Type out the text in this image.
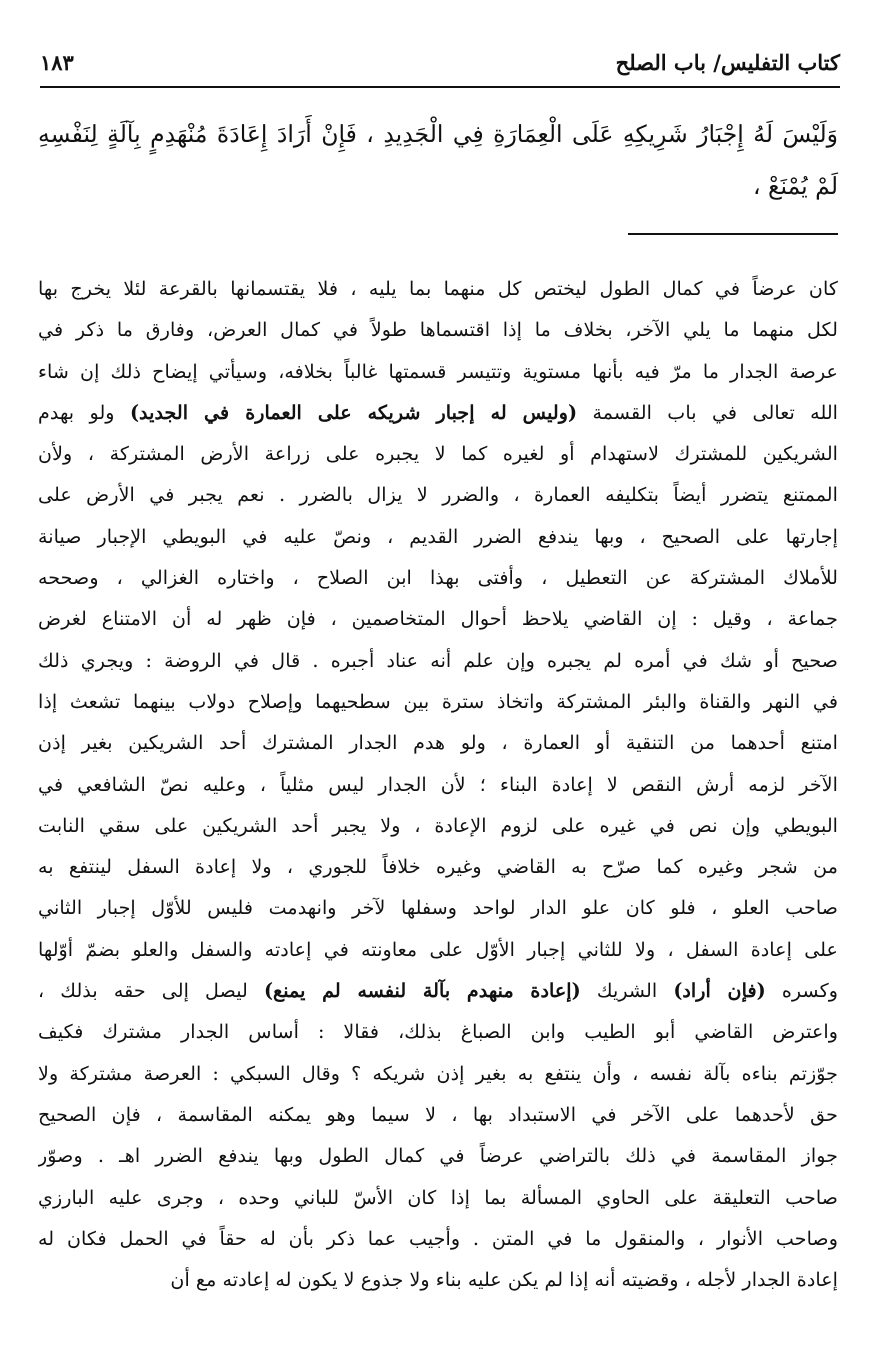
كتاب التفليس/ باب الصلح
١٨٣
وَلَيْسَ لَهُ إِجْبَارُ شَرِيكِهِ عَلَى الْعِمَارَةِ فِي الْجَدِيدِ ، فَإِنْ أَرَادَ إِعَادَةَ مُنْهَدِمٍ بِآلَةٍ لِنَفْسِهِ لَمْ يُمْنَعْ ،
كان عرضاً في كمال الطول ليختص كل منهما بما يليه ، فلا يقتسمانها بالقرعة لئلا يخرج بها
لكل منهما ما يلي الآخر، بخلاف ما إذا اقتسماها طولاً في كمال العرض، وفارق ما ذكر في
عرصة الجدار ما مرّ فيه بأنها مستوية وتتيسر قسمتها غالباً بخلافه، وسيأتي إيضاح ذلك إن شاء
الله تعالى في باب القسمة (وليس له إجبار شريكه على العمارة في الجديد) ولو بهدم
الشريكين للمشترك لاستهدام أو لغيره كما لا يجبره على زراعة الأرض المشتركة ، ولأن
الممتنع يتضرر أيضاً بتكليفه العمارة ، والضرر لا يزال بالضرر . نعم يجبر في الأرض على
إجارتها على الصحيح ، وبها يندفع الضرر القديم ، ونصّ عليه في البويطي الإجبار صيانة
للأملاك المشتركة عن التعطيل ، وأفتى بهذا ابن الصلاح ، واختاره الغزالي ، وصححه
جماعة ، وقيل : إن القاضي يلاحظ أحوال المتخاصمين ، فإن ظهر له أن الامتناع لغرض
صحيح أو شك في أمره لم يجبره وإن علم أنه عناد أجبره . قال في الروضة : ويجري ذلك
في النهر والقناة والبئر المشتركة واتخاذ سترة بين سطحيهما وإصلاح دولاب بينهما تشعث إذا
امتنع أحدهما من التنقية أو العمارة ، ولو هدم الجدار المشترك أحد الشريكين بغير إذن
الآخر لزمه أرش النقص لا إعادة البناء ؛ لأن الجدار ليس مثلياً ، وعليه نصّ الشافعي في
البويطي وإن نص في غيره على لزوم الإعادة ، ولا يجبر أحد الشريكين على سقي النابت
من شجر وغيره كما صرّح به القاضي وغيره خلافاً للجوري ، ولا إعادة السفل لينتفع به
صاحب العلو ، فلو كان علو الدار لواحد وسفلها لآخر وانهدمت فليس للأوّل إجبار الثاني
على إعادة السفل ، ولا للثاني إجبار الأوّل على معاونته في إعادته والسفل والعلو بضمّ أوّلها
وكسره (فإن أراد) الشريك (إعادة منهدم بآلة لنفسه لم يمنع) ليصل إلى حقه بذلك ،
واعترض القاضي أبو الطيب وابن الصباغ بذلك، فقالا : أساس الجدار مشترك فكيف
جوّزتم بناءه بآلة نفسه ، وأن ينتفع به بغير إذن شريكه ؟ وقال السبكي : العرصة مشتركة ولا
حق لأحدهما على الآخر في الاستبداد بها ، لا سيما وهو يمكنه المقاسمة ، فإن الصحيح
جواز المقاسمة في ذلك بالتراضي عرضاً في كمال الطول وبها يندفع الضرر اهـ . وصوّر
صاحب التعليقة على الحاوي المسألة بما إذا كان الأسّ للباني وحده ، وجرى عليه البارزي
وصاحب الأنوار ، والمنقول ما في المتن . وأجيب عما ذكر بأن له حقاً في الحمل فكان له
إعادة الجدار لأجله ، وقضيته أنه إذا لم يكن عليه بناء ولا جذوع لا يكون له إعادته مع أن
